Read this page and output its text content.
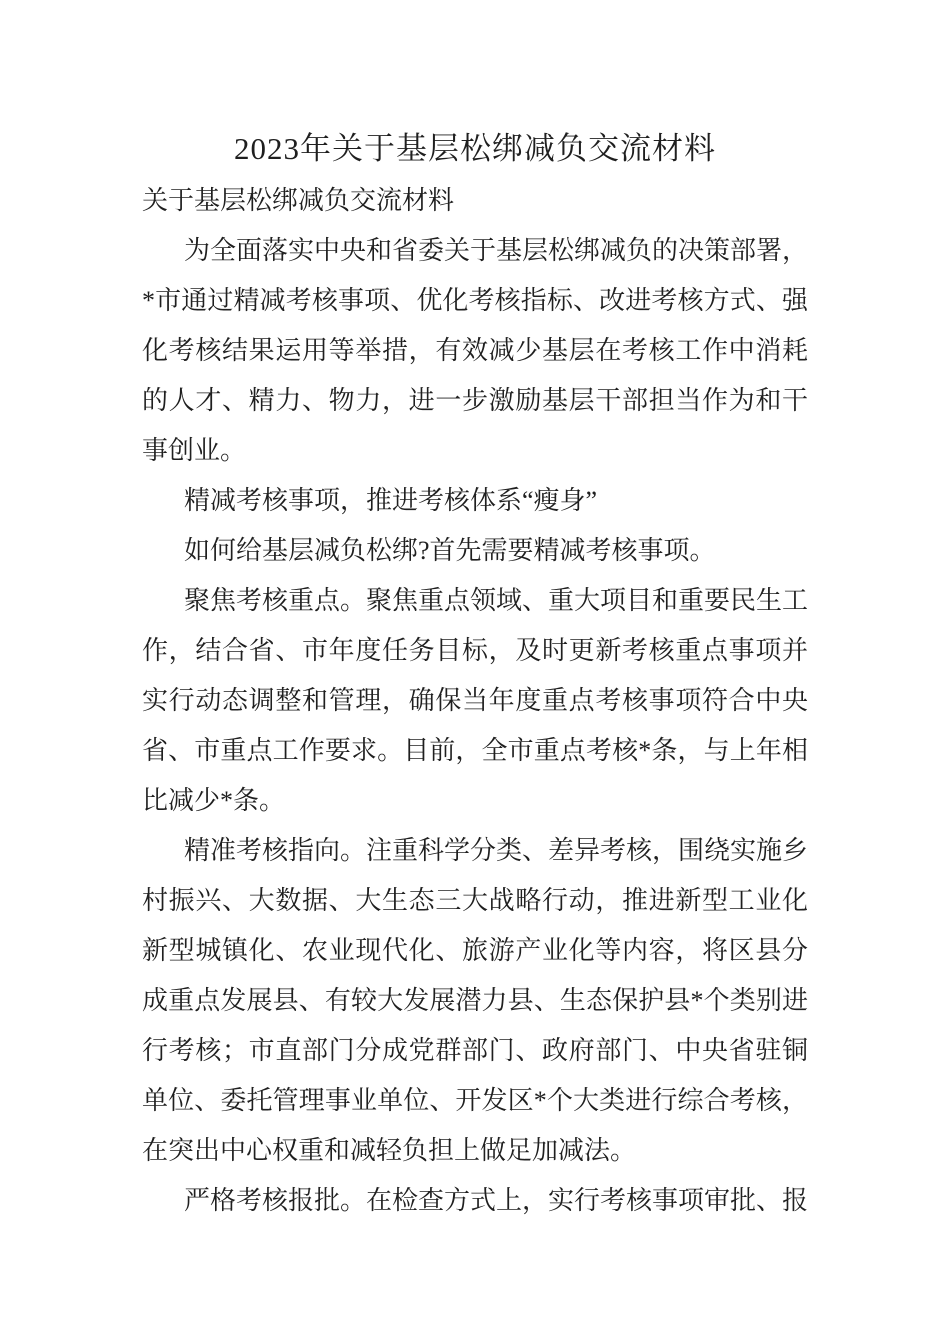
2023年关于基层松绑减负交流材料

关于基层松绑减负交流材料

为全面落实中央和省委关于基层松绑减负的决策部署，*市通过精减考核事项、优化考核指标、改进考核方式、强化考核结果运用等举措，有效减少基层在考核工作中消耗的人才、精力、物力，进一步激励基层干部担当作为和干事创业。

精减考核事项，推进考核体系“瘦身”

如何给基层减负松绑?首先需要精减考核事项。

聚焦考核重点。聚焦重点领域、重大项目和重要民生工作，结合省、市年度任务目标，及时更新考核重点事项并实行动态调整和管理，确保当年度重点考核事项符合中央省、市重点工作要求。目前，全市重点考核*条，与上年相比减少*条。

精准考核指向。注重科学分类、差异考核，围绕实施乡村振兴、大数据、大生态三大战略行动，推进新型工业化新型城镇化、农业现代化、旅游产业化等内容，将区县分成重点发展县、有较大发展潜力县、生态保护县*个类别进行考核；市直部门分成党群部门、政府部门、中央省驻铜单位、委托管理事业单位、开发区*个大类进行综合考核，在突出中心权重和减轻负担上做足加减法。

严格考核报批。在检查方式上，实行考核事项审批、报
